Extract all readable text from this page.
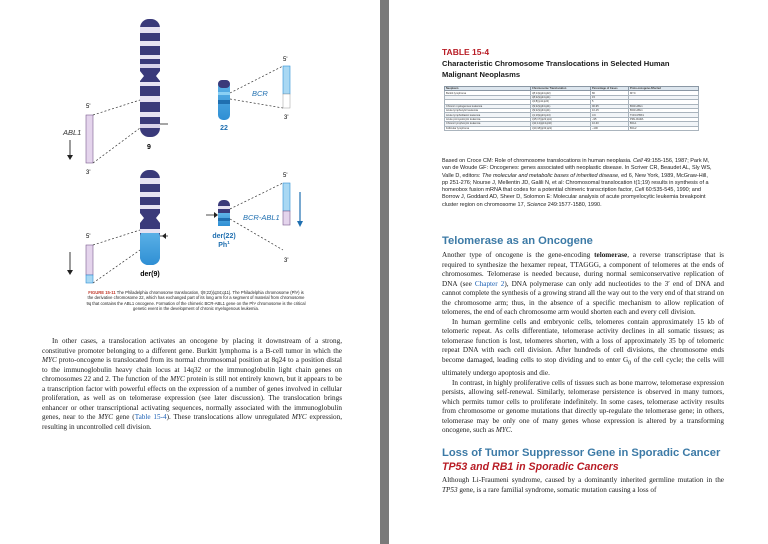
9
ABL1
5'
3'
22
BCR
5'
3'
der(9)
5'	der(22)
Ph$^1$
BCR-ABL1
5'
3'
FIGURE 15-11 The Philadelphia chromosome translocation, t(9;22)(q34;q11). The Philadelphia chromosome (Ph¹) is the derivative chromosome 22, which has exchanged part of its long arm for a segment of material from chromosome 9q that contains the ABL1 oncogene. Formation of the chimeric BCR-ABL1 gene on the Ph¹ chromosome is the critical genetic event in the development of chronic myelogenous leukemia.

In other cases, a translocation activates an oncogene by placing it downstream of a strong, constitutive promoter belonging to a different gene. Burkitt lymphoma is a B-cell tumor in which the MYC proto-oncogene is translocated from its normal chromosomal position at 8q24 to a position distal to the immunoglobulin heavy chain locus at 14q32 or the immunoglobulin light chain genes on chromosomes 22 and 2. The function of the MYC protein is still not entirely known, but it appears to be a transcription factor with powerful effects on the expression of a number of genes involved in cellular proliferation, as well as on telomerase expression (see later discussion). The translocation brings enhancer or other transcriptional activating sequences, normally associated with the immunoglobulin genes, near to the MYC gene (Table 15-4). These translocations allow unregulated MYC expression, resulting in uncontrolled cell division.

TABLE 15-4
Characteristic Chromosome Translocations in Selected Human Malignant Neoplasms
Neoplasm	Chromosome Translocation	Percentage of Cases	Proto-oncogene Affected
Burkitt lymphoma	t(8;14)(q24;q32)	80	MYC
	t(8;22)(q24;q11)	15	
	t(2;8)(p11;q24)	5	
Chronic myelogenous leukemia	t(9;22)(q34;q11)	90-95	BCR-ABL1
Acute lymphocytic leukemia	t(9;22)(q34;q11)	10-15	BCR-ABL1
Acute lymphoblastic leukemia	t(1;19)(q23;p13)	3-6	TCF3-PBX1
Acute promyelocytic leukemia	t(15;17)(q22;q11)	~95	PML-RARA
Chronic lymphocytic leukemia	t(11;14)(q13;q32)	10-30	BCL1
Follicular lymphoma	t(14;18)(q32;q21)	~100	BCL2

Based on Croce CM: Role of chromosome translocations in human neoplasia. Cell 49:155-156, 1987; Park M, van de Woude GF: Oncogenes: genes associated with neoplastic disease. In Scriver CR, Beaudet AL, Sly WS, Valle D, editors: The molecular and metabolic bases of inherited disease, ed 6, New York, 1989, McGraw-Hill, pp 251-276; Nourse J, Mellentin JD, Galili N, et al: Chromosomal translocation t(1;19) results in synthesis of a homeobox fusion mRNA that codes for a potential chimeric transcription factor, Cell 60:535-545, 1990; and Borrow J, Goddard AD, Sheer D, Solomon E: Molecular analysis of acute promyelocytic leukemia breakpoint cluster region on chromosome 17, Science 249:1577-1580, 1990.

Telomerase as an Oncogene

Another type of oncogene is the gene-encoding telomerase, a reverse transcriptase that is required to synthesize the hexamer repeat, TTAGGG, a component of telomeres at the ends of chromosomes. Telomerase is needed because, during normal semiconservative replication of DNA (see Chapter 2), DNA polymerase can only add nucleotides to the 3′ end of DNA and cannot complete the synthesis of a growing strand all the way out to the very end of that strand on the chromosome arm; thus, in the absence of a specific mechanism to allow replication of telomeres, the end of each chromosome arm would shorten each and every cell division.

In human germline cells and embryonic cells, telomeres contain approximately 15 kb of telomeric repeat. As cells differentiate, telomerase activity declines in all somatic tissues; as telomerase function is lost, telomeres shorten, with a loss of approximately 35 bp of telomeric repeat DNA with each cell division. After hundreds of cell divisions, the chromosome ends become damaged, leading cells to stop dividing and to enter $G_0$ of the cell cycle; the cells will ultimately undergo apoptosis and die.

In contrast, in highly proliferative cells of tissues such as bone marrow, telomerase expression persists, allowing self-renewal. Similarly, telomerase persistence is observed in many tumors, which permits tumor cells to proliferate indefinitely. In some cases, telomerase activity results from chromosome or genome mutations that directly up-regulate the telomerase gene; in others, telomerase may be only one of many genes whose expression is altered by a transforming oncogene, such as MYC.

Loss of Tumor Suppressor Gene in Sporadic Cancer
TP53 and RB1 in Sporadic Cancers

Although Li-Fraumeni syndrome, caused by a dominantly inherited germline mutation in the TP53 gene, is a rare familial syndrome, somatic mutation causing a loss of
